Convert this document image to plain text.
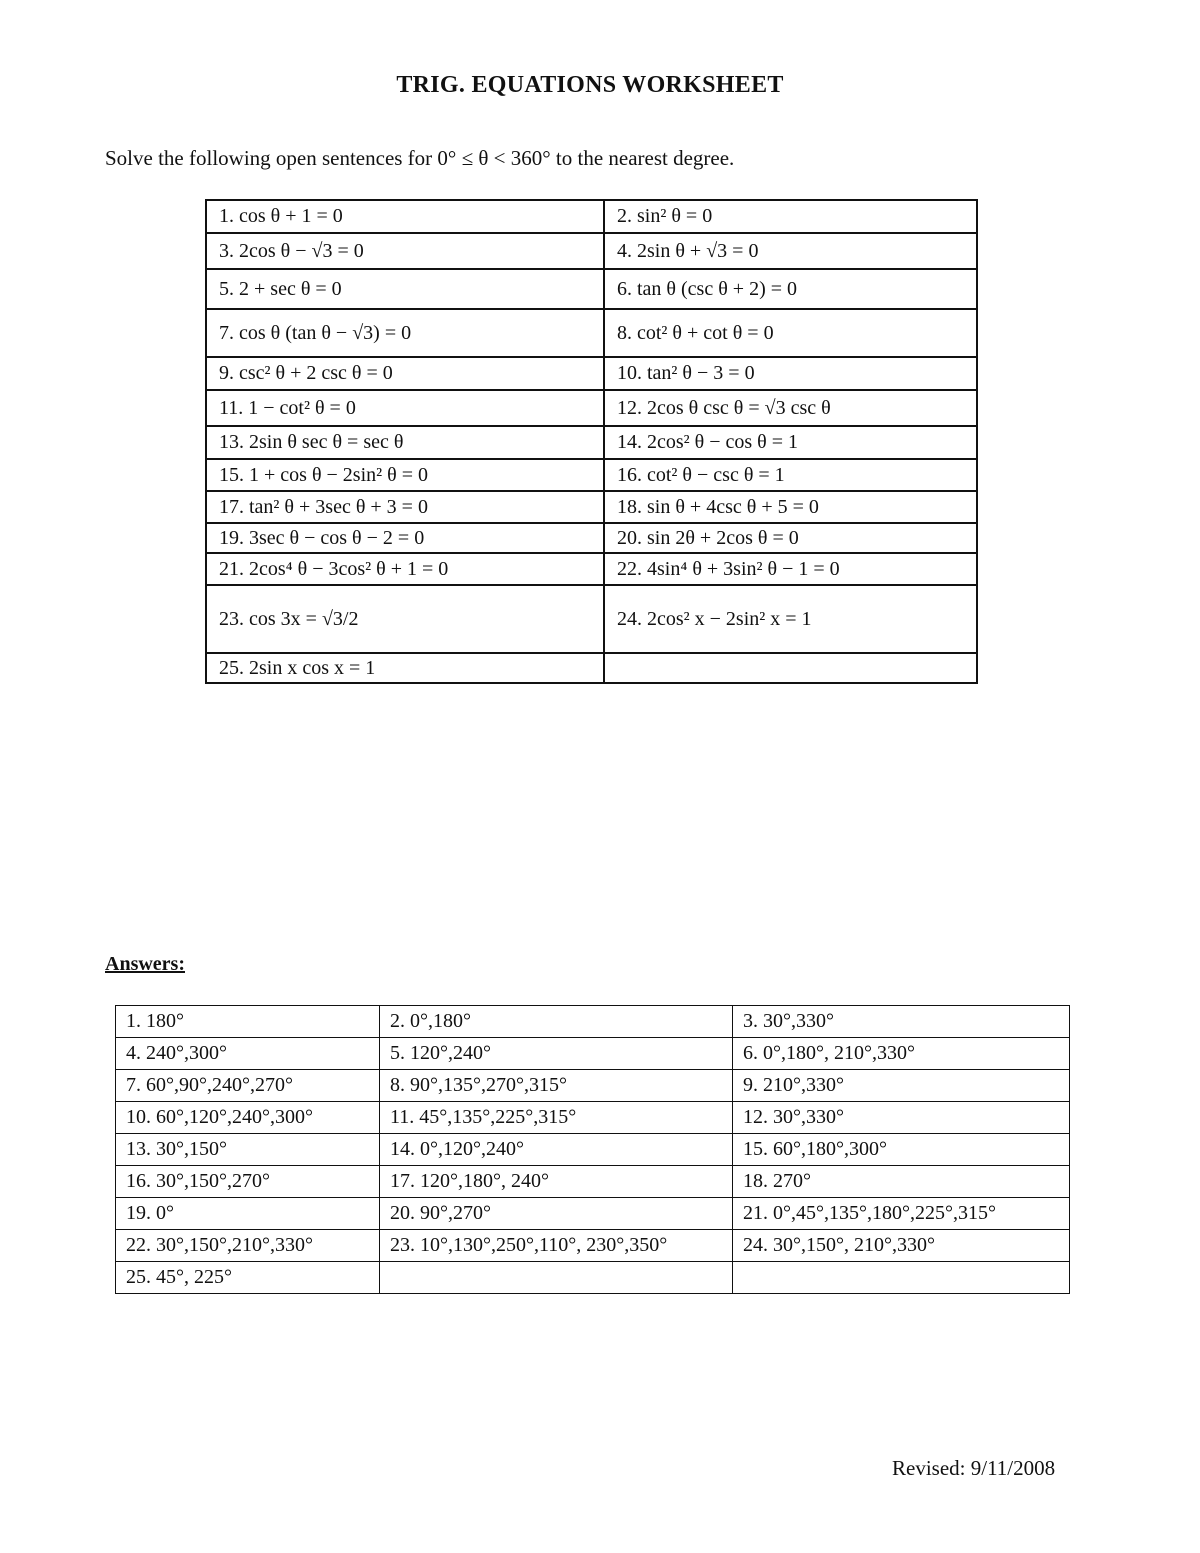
TRIG. EQUATIONS WORKSHEET
Solve the following open sentences for 0° ≤ θ < 360° to the nearest degree.
1. cos θ + 1 = 0	2. sin² θ = 0
3. 2cos θ − √3 = 0	4. 2sin θ + √3 = 0
5. 2 + sec θ = 0	6. tan θ (csc θ + 2) = 0
7. cos θ (tan θ − √3) = 0	8. cot² θ + cot θ = 0
9. csc² θ + 2 csc θ = 0	10. tan² θ − 3 = 0
11. 1 − cot² θ = 0	12. 2cos θ csc θ = √3 csc θ
13. 2sin θ sec θ = sec θ	14. 2cos² θ − cos θ = 1
15. 1 + cos θ − 2sin² θ = 0	16. cot² θ − csc θ = 1
17. tan² θ + 3sec θ + 3 = 0	18. sin θ + 4csc θ + 5 = 0
19. 3sec θ − cos θ − 2 = 0	20. sin 2θ + 2cos θ = 0
21. 2cos⁴ θ − 3cos² θ + 1 = 0	22. 4sin⁴ θ + 3sin² θ − 1 = 0
23. cos 3x = √3/2	24. 2cos² x − 2sin² x = 1
25. 2sin x cos x = 1	
Answers:
1. 180°	2. 0°,180°	3. 30°,330°
4. 240°,300°	5. 120°,240°	6. 0°,180°, 210°,330°
7. 60°,90°,240°,270°	8. 90°,135°,270°,315°	9. 210°,330°
10. 60°,120°,240°,300°	11. 45°,135°,225°,315°	12. 30°,330°
13. 30°,150°	14. 0°,120°,240°	15. 60°,180°,300°
16. 30°,150°,270°	17. 120°,180°, 240°	18. 270°
19. 0°	20. 90°,270°	21. 0°,45°,135°,180°,225°,315°
22. 30°,150°,210°,330°	23. 10°,130°,250°,110°, 230°,350°	24. 30°,150°, 210°,330°
25. 45°, 225°		
Revised: 9/11/2008
